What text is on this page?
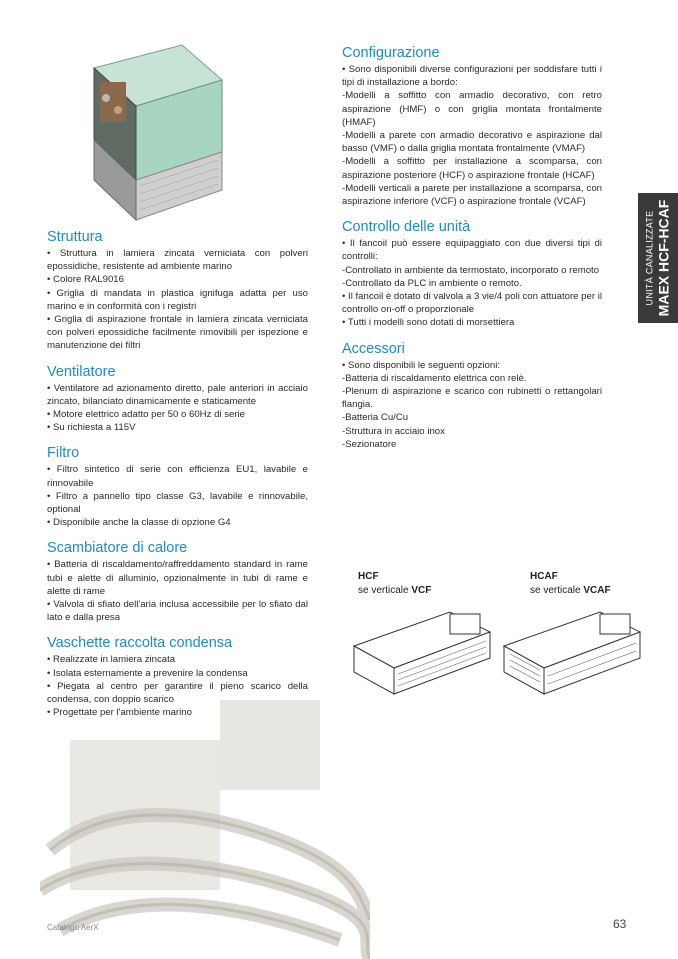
UNITÀ CANALIZZATE MAEX HCF-HCAF
Struttura
• Struttura in lamiera zincata verniciata con polveri epossidiche, resistente ad ambiente marino
• Colore RAL9016
• Griglia di mandata in plastica ignifuga adatta per uso marino e in conformità con i registri
• Griglia di aspirazione frontale in lamiera zincata verniciata con polveri epossidiche facilmente rimovibili per ispezione e manutenzione dei filtri
Ventilatore
• Ventilatore ad azionamento diretto, pale anteriori in acciaio zincato, bilanciato dinamicamente e staticamente
• Motore elettrico adatto per 50 o 60Hz di serie
• Su richiesta a 115V
Filtro
• Filtro sintetico di serie con efficienza EU1, lavabile e rinnovabile
• Filtro a pannello tipo classe G3, lavabile e rinnovabile, optional
• Disponibile anche la classe di opzione G4
Scambiatore di calore
• Batteria di riscaldamento/raffreddamento standard in rame tubi e alette di alluminio, opzionalmente in tubi di rame e alette di rame
• Valvola di sfiato dell'aria inclusa accessibile per lo sfiato dal lato e dalla presa
Vaschette raccolta condensa
• Realizzate in lamiera zincata
• Isolata esternamente a prevenire la condensa
• Piegata al centro per garantire il pieno scarico della condensa, con doppio scarico
• Progettate per l'ambiente marino
Configurazione
• Sono disponibili diverse configurazioni per soddisfare tutti i tipi di installazione a bordo:
-Modelli a soffitto con armadio decorativo, con retro aspirazione (HMF) o con griglia montata frontalmente (HMAF)
-Modelli a parete con armadio decorativo e aspirazione dal basso (VMF) o dalla griglia montata frontalmente (VMAF)
-Modelli a soffitto per installazione a scomparsa, con aspirazione posteriore (HCF) o aspirazione frontale (HCAF)
-Modelli verticali a parete per installazione a scomparsa, con aspirazione inferiore (VCF) o aspirazione frontale (VCAF)
Controllo delle unità
• Il fancoil può essere equipaggiato con due diversi tipi di controlli:
-Controllato in ambiente da termostato, incorporato o remoto
-Controllato da PLC in ambiente o remoto.
• Il fancoil è dotato di valvola a 3 vie/4 poli con attuatore per il controllo on-off o proporzionale
• Tutti i modelli sono dotati di morsettiera
Accessori
• Sono disponibili le seguenti opzioni:
-Batteria di riscaldamento elettrica con relè.
-Plenum di aspirazione e scarico con rubinetti o rettangolari flangia.
-Batteria Cu/Cu
-Struttura in acciaio inox
-Sezionatore
HCF
se verticale VCF
HCAF
se verticale VCAF
Catalogo AerX	63
